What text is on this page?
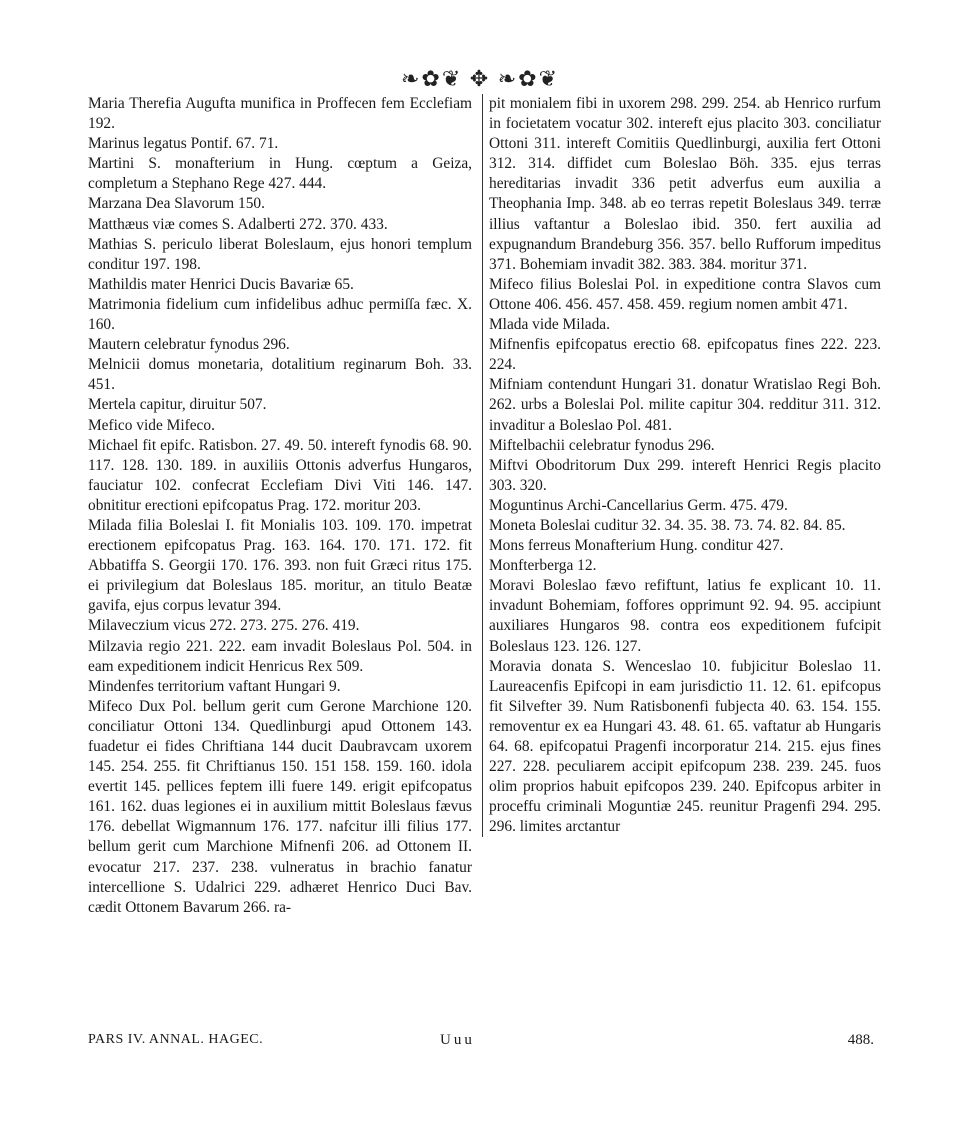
❧✿❦ ✥ ❧✿❦

Maria Therefia Augufta munifica in Proffecen fem Ecclefiam 192.

Marinus legatus Pontif. 67. 71.

Martini S. monafterium in Hung. cœptum a Geiza, completum a Stephano Rege 427. 444.

Marzana Dea Slavorum 150.

Matthæus viæ comes S. Adalberti 272. 370. 433.

Mathias S. periculo liberat Boleslaum, ejus honori templum conditur 197. 198.

Mathildis mater Henrici Ducis Bavariæ 65.

Matrimonia fidelium cum infidelibus adhuc permiſſa fæc. X. 160.

Mautern celebratur fynodus 296.

Melnicii domus monetaria, dotalitium reginarum Boh. 33. 451.

Mertela capitur, diruitur 507.

Mefico vide Mifeco.

Michael fit epifc. Ratisbon. 27. 49. 50. intereft fynodis 68. 90. 117. 128. 130. 189. in auxiliis Ottonis adverfus Hungaros, fauciatur 102. confecrat Ecclefiam Divi Viti 146. 147. obnititur erectioni epifcopatus Prag. 172. moritur 203.

Milada filia Boleslai I. fit Monialis 103. 109. 170. impetrat erectionem epifcopatus Prag. 163. 164. 170. 171. 172. fit Abbatiffa S. Georgii 170. 176. 393. non fuit Græci ritus 175. ei privilegium dat Boleslaus 185. moritur, an titulo Beatæ gavifa, ejus corpus levatur 394.

Milaveczium vicus 272. 273. 275. 276. 419.

Milzavia regio 221. 222. eam invadit Boleslaus Pol. 504. in eam expeditionem indicit Henricus Rex 509.

Mindenfes territorium vaftant Hungari 9.

Mifeco Dux Pol. bellum gerit cum Gerone Marchione 120. conciliatur Ottoni 134. Quedlinburgi apud Ottonem 143. fuadetur ei fides Chriftiana 144 ducit Daubravcam uxorem 145. 254. 255. fit Chriftianus 150. 151 158. 159. 160. idola evertit 145. pellices feptem illi fuere 149. erigit epifcopatus 161. 162. duas legiones ei in auxilium mittit Boleslaus fævus 176. debellat Wigmannum 176. 177. nafcitur illi filius 177. bellum gerit cum Marchione Mifnenfi 206. ad Ottonem II. evocatur 217. 237. 238. vulneratus in brachio fanatur intercellione S. Udalrici 229. adhæret Henrico Duci Bav. cædit Ottonem Bavarum 266. ra-

pit monialem fibi in uxorem 298. 299. 254. ab Henrico rurfum in focietatem vocatur 302. intereft ejus placito 303. conciliatur Ottoni 311. intereft Comitiis Quedlinburgi, auxilia fert Ottoni 312. 314. diffidet cum Boleslao Böh. 335. ejus terras hereditarias invadit 336 petit adverfus eum auxilia a Theophania Imp. 348. ab eo terras repetit Boleslaus 349. terræ illius vaftantur a Boleslao ibid. 350. fert auxilia ad expugnandum Brandeburg 356. 357. bello Rufforum impeditus 371. Bohemiam invadit 382. 383. 384. moritur 371.

Mifeco filius Boleslai Pol. in expeditione contra Slavos cum Ottone 406. 456. 457. 458. 459. regium nomen ambit 471.

Mlada vide Milada.

Mifnenfis epifcopatus erectio 68. epifcopatus fines 222. 223. 224.

Mifniam contendunt Hungari 31. donatur Wratislao Regi Boh. 262. urbs a Boleslai Pol. milite capitur 304. redditur 311. 312. invaditur a Boleslao Pol. 481.

Miftelbachii celebratur fynodus 296.

Miftvi Obodritorum Dux 299. intereft Henrici Regis placito 303. 320.

Moguntinus Archi-Cancellarius Germ. 475. 479.

Moneta Boleslai cuditur 32. 34. 35. 38. 73. 74. 82. 84. 85.

Mons ferreus Monafterium Hung. conditur 427.

Monfterberga 12.

Moravi Boleslao fævo refiftunt, latius fe explicant 10. 11. invadunt Bohemiam, foffores opprimunt 92. 94. 95. accipiunt auxiliares Hungaros 98. contra eos expeditionem fufcipit Boleslaus 123. 126. 127.

Moravia donata S. Wenceslao 10. fubjicitur Boleslao 11. Laureacenfis Epifcopi in eam jurisdictio 11. 12. 61. epifcopus fit Silvefter 39. Num Ratisbonenfi fubjecta 40. 63. 154. 155. removentur ex ea Hungari 43. 48. 61. 65. vaftatur ab Hungaris 64. 68. epifcopatui Pragenfi incorporatur 214. 215. ejus fines 227. 228. peculiarem accipit epifcopum 238. 239. 245. fuos olim proprios habuit epifcopos 239. 240. Epifcopus arbiter in proceffu criminali Moguntiæ 245. reunitur Pragenfi 294. 295. 296. limites arctantur

PARS IV. ANNAL. HAGEC.	Uuu	488.
